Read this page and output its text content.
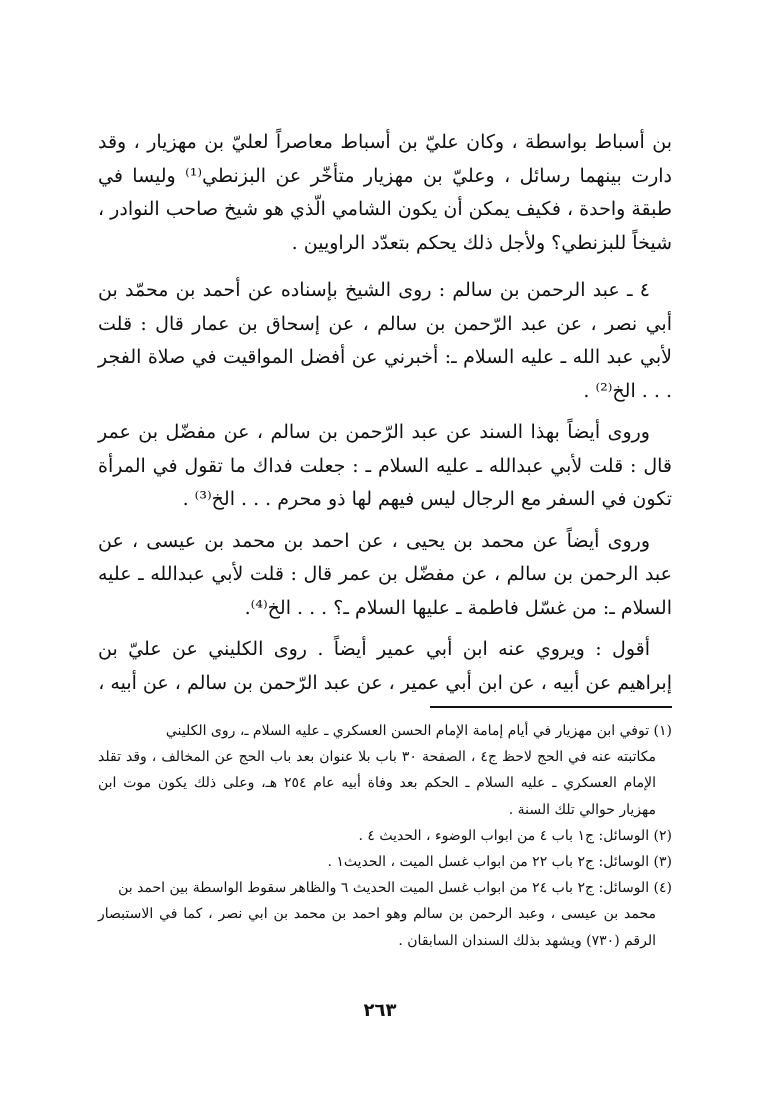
بن أسباط بواسطة ، وكان عليّ بن أسباط معاصراً لعليّ بن مهزيار ، وقد دارت بينهما رسائل ، وعليّ بن مهزيار متأخّر عن البزنطي⁽¹⁾ وليسا في طبقة واحدة ، فكيف يمكن أن يكون الشامي الّذي هو شيخ صاحب النوادر ، شيخاً للبزنطي؟ ولأجل ذلك يحكم بتعدّد الراويين .

٤ ـ عبد الرحمن بن سالم : روى الشيخ بإسناده عن أحمد بن محمّد بن أبي نصر ، عن عبد الرّحمن بن سالم ، عن إسحاق بن عمار قال : قلت لأبي عبد الله ـ عليه السلام ـ: أخبرني عن أفضل المواقيت في صلاة الفجر . . . الخ⁽²⁾ .

وروى أيضاً بهذا السند عن عبد الرّحمن بن سالم ، عن مفضّل بن عمر قال : قلت لأبي عبدالله ـ عليه السلام ـ : جعلت فداك ما تقول في المرأة تكون في السفر مع الرجال ليس فيهم لها ذو محرم . . . الخ⁽³⁾ .

وروى أيضاً عن محمد بن يحيى ، عن احمد بن محمد بن عيسى ، عن عبد الرحمن بن سالم ، عن مفضّل بن عمر قال : قلت لأبي عبدالله ـ عليه السلام ـ: من غسّل فاطمة ـ عليها السلام ـ؟ . . . الخ⁽⁴⁾.

أقول : ويروي عنه ابن أبي عمير أيضاً . روى الكليني عن عليّ بن إبراهيم عن أبيه ، عن ابن أبي عمير ، عن عبد الرّحمن بن سالم ، عن أبيه ،

(١) توفي ابن مهزيار في أيام إمامة الإمام الحسن العسكري ـ عليه السلام ـ، روى الكليني

مكاتبته عنه في الحج لاحظ ج٤ ، الصفحة ٣٠ باب بلا عنوان بعد باب الحج عن المخالف ، وقد تقلد الإمام العسكري ـ عليه السلام ـ الحكم بعد وفاة أبيه عام ٢٥٤ هـ، وعلى ذلك يكون موت ابن مهزيار حوالي تلك السنة .

(٢) الوسائل: ج١ باب ٤ من ابواب الوضوء ، الحديث ٤ .

(٣) الوسائل: ج٢ باب ٢٢ من ابواب غسل الميت ، الحديث١ .

(٤) الوسائل: ج٢ باب ٢٤ من ابواب غسل الميت الحديث ٦ والظاهر سقوط الواسطة بين احمد بن

محمد بن عيسى ، وعبد الرحمن بن سالم وهو احمد بن محمد بن ابي نصر ، كما في الاستبصار الرقم (٧٣٠) ويشهد بذلك السندان السابقان .

٢٦٣
